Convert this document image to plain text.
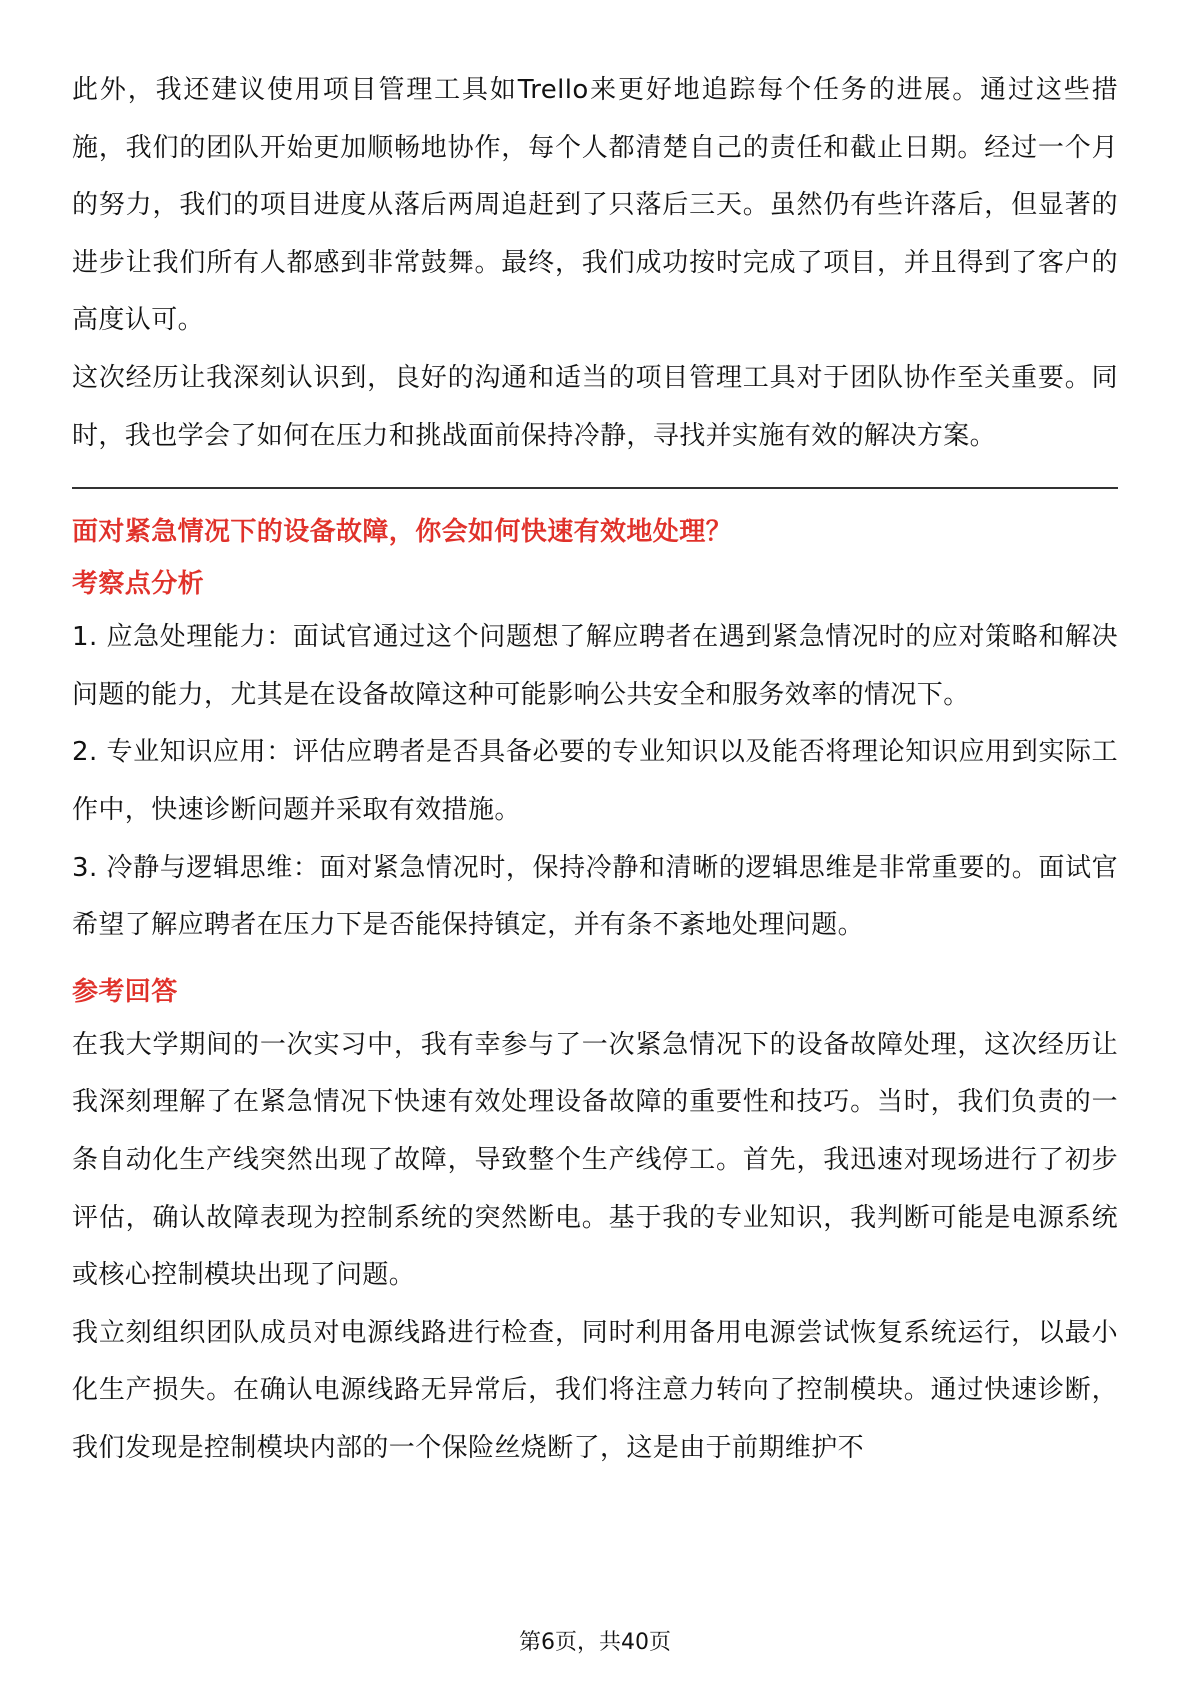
此外，我还建议使用项目管理工具如Trello来更好地追踪每个任务的进展。通过这些措施，我们的团队开始更加顺畅地协作，每个人都清楚自己的责任和截止日期。经过一个月的努力，我们的项目进度从落后两周追赶到了只落后三天。虽然仍有些许落后，但显著的进步让我们所有人都感到非常鼓舞。最终，我们成功按时完成了项目，并且得到了客户的高度认可。

这次经历让我深刻认识到，良好的沟通和适当的项目管理工具对于团队协作至关重要。同时，我也学会了如何在压力和挑战面前保持冷静，寻找并实施有效的解决方案。

面对紧急情况下的设备故障，你会如何快速有效地处理？

考察点分析

1. 应急处理能力：面试官通过这个问题想了解应聘者在遇到紧急情况时的应对策略和解决问题的能力，尤其是在设备故障这种可能影响公共安全和服务效率的情况下。

2. 专业知识应用：评估应聘者是否具备必要的专业知识以及能否将理论知识应用到实际工作中，快速诊断问题并采取有效措施。

3. 冷静与逻辑思维：面对紧急情况时，保持冷静和清晰的逻辑思维是非常重要的。面试官希望了解应聘者在压力下是否能保持镇定，并有条不紊地处理问题。

参考回答

在我大学期间的一次实习中，我有幸参与了一次紧急情况下的设备故障处理，这次经历让我深刻理解了在紧急情况下快速有效处理设备故障的重要性和技巧。当时，我们负责的一条自动化生产线突然出现了故障，导致整个生产线停工。首先，我迅速对现场进行了初步评估，确认故障表现为控制系统的突然断电。基于我的专业知识，我判断可能是电源系统或核心控制模块出现了问题。

我立刻组织团队成员对电源线路进行检查，同时利用备用电源尝试恢复系统运行，以最小化生产损失。在确认电源线路无异常后，我们将注意力转向了控制模块。通过快速诊断，我们发现是控制模块内部的一个保险丝烧断了，这是由于前期维护不

第6页，共40页
